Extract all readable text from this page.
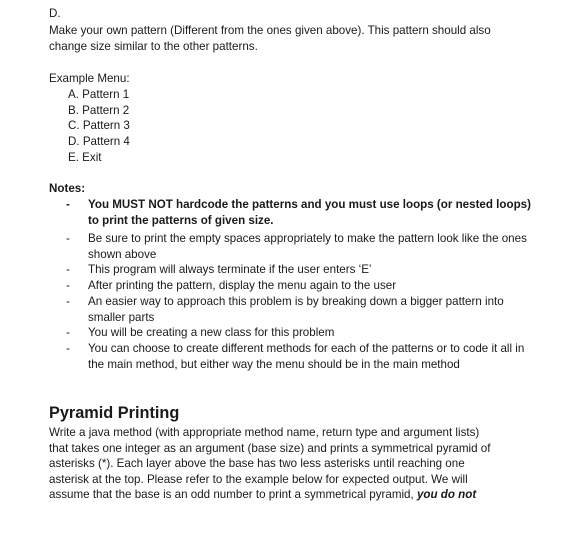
D.
Make your own pattern (Different from the ones given above). This pattern should also
change size similar to the other patterns.
Example Menu:
A. Pattern 1
B. Pattern 2
C. Pattern 3
D. Pattern 4
E. Exit
Notes:
- You MUST NOT hardcode the patterns and you must use loops (or nested loops) to print the patterns of given size.
- Be sure to print the empty spaces appropriately to make the pattern look like the ones shown above
- This program will always terminate if the user enters ‘E’
- After printing the pattern, display the menu again to the user
- An easier way to approach this problem is by breaking down a bigger pattern into smaller parts
- You will be creating a new class for this problem
- You can choose to create different methods for each of the patterns or to code it all in the main method, but either way the menu should be in the main method
Pyramid Printing
Write a java method (with appropriate method name, return type and argument lists)
that takes one integer as an argument (base size) and prints a symmetrical pyramid of
asterisks (*). Each layer above the base has two less asterisks until reaching one
asterisk at the top. Please refer to the example below for expected output. We will
assume that the base is an odd number to print a symmetrical pyramid, you do not
